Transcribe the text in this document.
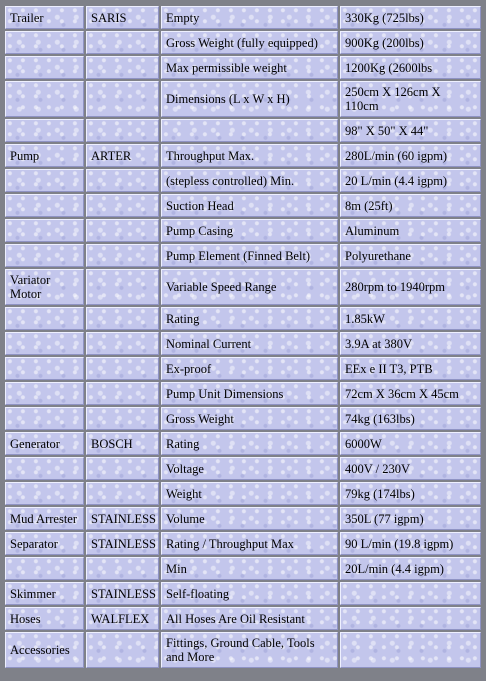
Trailer	SARIS	Empty	330Kg (725lbs)
		Gross Weight (fully equipped)	900Kg (200lbs)
		Max permissible weight	1200Kg (2600lbs
		Dimensions (L x W x H)	250cm X 126cm X 110cm
			98" X 50" X 44"
Pump	ARTER	Throughput Max.	280L/min (60 igpm)
		(stepless controlled) Min.	20 L/min (4.4 igpm)
		Suction Head	8m (25ft)
		Pump Casing	Aluminum
		Pump Element (Finned Belt)	Polyurethane
Variator Motor		Variable Speed Range	280rpm to 1940rpm
		Rating	1.85kW
		Nominal Current	3.9A at 380V
		Ex-proof	EEx e II T3, PTB
		Pump Unit Dimensions	72cm X 36cm X 45cm
		Gross Weight	74kg (163lbs)
Generator	BOSCH	Rating	6000W
		Voltage	400V / 230V
		Weight	79kg (174lbs)
Mud Arrester	STAINLESS	Volume	350L (77 igpm)
Separator	STAINLESS	Rating / Throughput Max	90 L/min (19.8 igpm)
		Min	20L/min (4.4 igpm)
Skimmer	STAINLESS	Self-floating	
Hoses	WALFLEX	All Hoses Are Oil Resistant	
Accessories		Fittings, Ground Cable, Tools and More	
